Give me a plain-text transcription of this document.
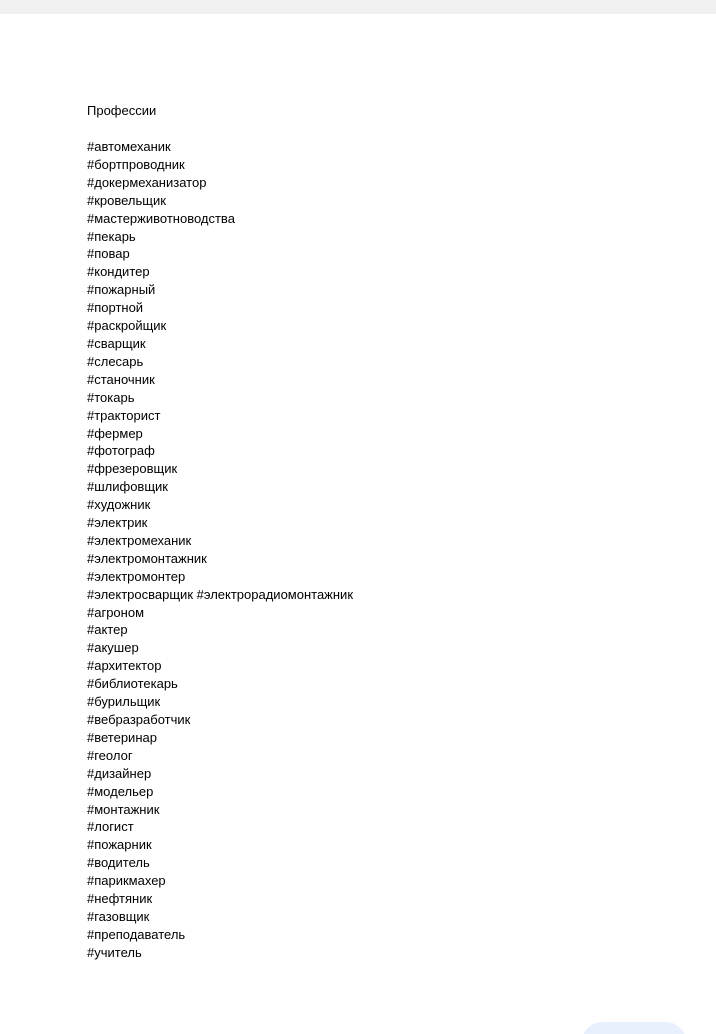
Профессии
#автомеханик
#бортпроводник
#докермеханизатор
#кровельщик
#мастерживотноводства
#пекарь
#повар
#кондитер
#пожарный
#портной
#раскройщик
#сварщик
#слесарь
#станочник
#токарь
#тракторист
#фермер
#фотограф
#фрезеровщик
#шлифовщик
#художник
#электрик
#электромеханик
#электромонтажник
#электромонтер
#электросварщик #электрорадиомонтажник
#агроном
#актер
#акушер
#архитектор
#библиотекарь
#бурильщик
#вебразработчик
#ветеринар
#геолог
#дизайнер
#модельер
#монтажник
#логист
#пожарник
#водитель
#парикмахер
#нефтяник
#газовщик
#преподаватель
#учитель
